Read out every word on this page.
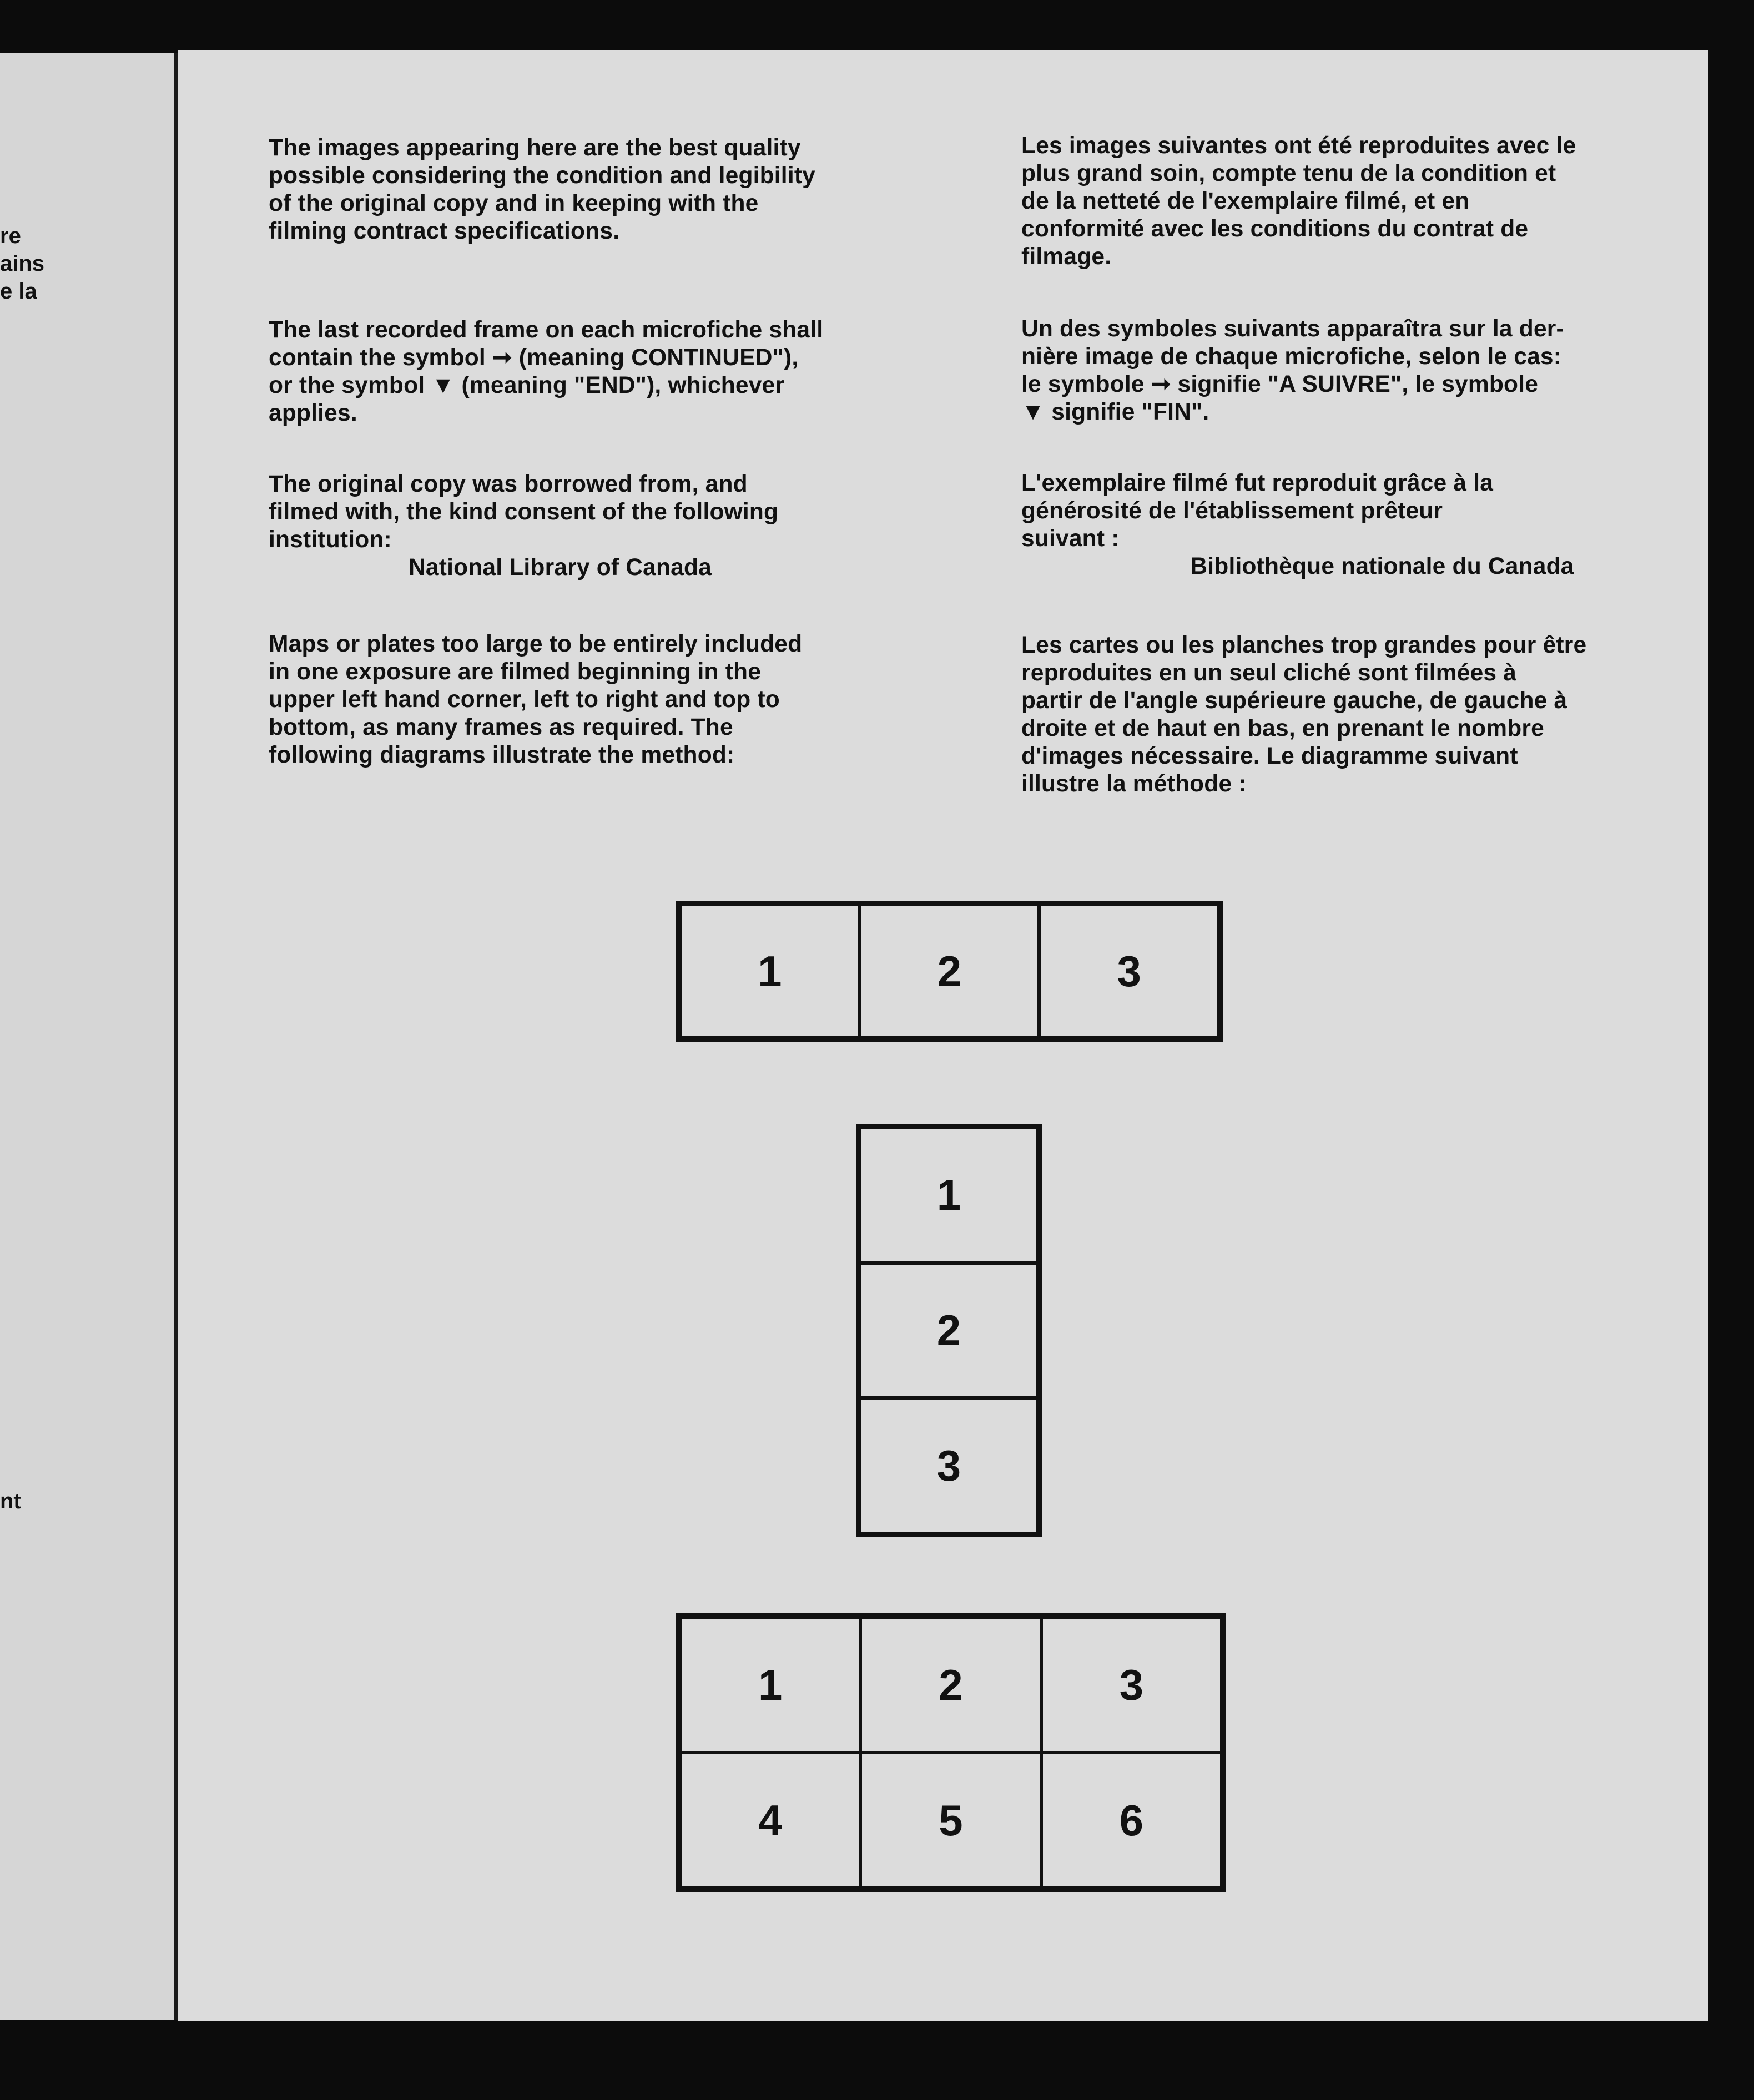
re
ains
e la
nt

The images appearing here are the best quality
possible considering the condition and legibility
of the original copy and in keeping with the
filming contract specifications.

The last recorded frame on each microfiche shall
contain the symbol ➞ (meaning CONTINUED"),
or the symbol ▼ (meaning "END"), whichever
applies.

The original copy was borrowed from, and
filmed with, the kind consent of the following
institution:

National Library of Canada

Maps or plates too large to be entirely included
in one exposure are filmed beginning in the
upper left hand corner, left to right and top to
bottom, as many frames as required. The
following diagrams illustrate the method:

Les images suivantes ont été reproduites avec le
plus grand soin, compte tenu de la condition et
de la netteté de l'exemplaire filmé, et en
conformité avec les conditions du contrat de
filmage.

Un des symboles suivants apparaîtra sur la der-
nière image de chaque microfiche, selon le cas:
le symbole ➞ signifie "A SUIVRE", le symbole
▼ signifie "FIN".

L'exemplaire filmé fut reproduit grâce à la
générosité de l'établissement prêteur
suivant :

Bibliothèque nationale du Canada

Les cartes ou les planches trop grandes pour être
reproduites en un seul cliché sont filmées à
partir de l'angle supérieure gauche, de gauche à
droite et de haut en bas, en prenant le nombre
d'images nécessaire. Le diagramme suivant
illustre la méthode :

1	2	3
1
2
3
1	2	3
4	5	6
